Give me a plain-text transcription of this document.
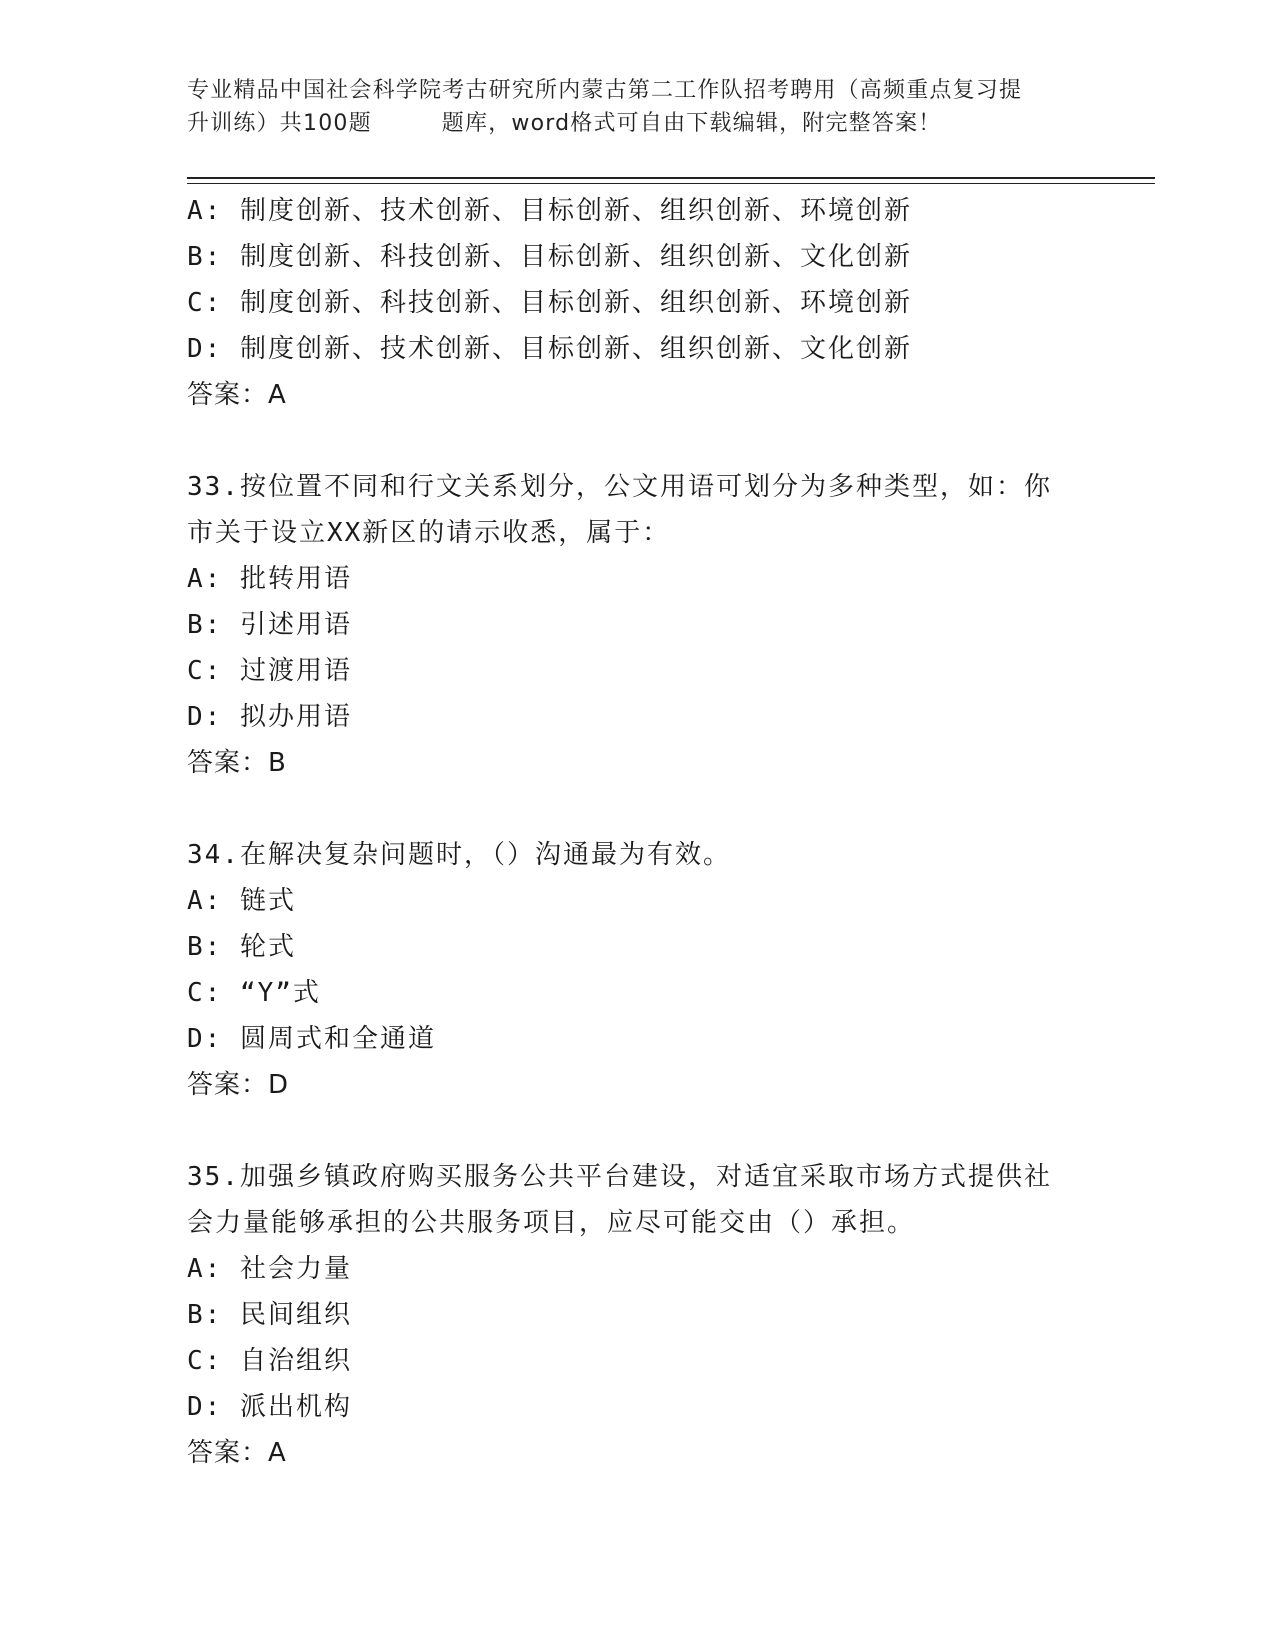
专业精品中国社会科学院考古研究所内蒙古第二工作队招考聘用（高频重点复习提
升训练）共100题	题库，word格式可自由下载编辑，附完整答案！
A: 制度创新、技术创新、目标创新、组织创新、环境创新
B: 制度创新、科技创新、目标创新、组织创新、文化创新
C: 制度创新、科技创新、目标创新、组织创新、环境创新
D: 制度创新、技术创新、目标创新、组织创新、文化创新
答案：A
33.按位置不同和行文关系划分，公文用语可划分为多种类型，如：你
市关于设立XX新区的请示收悉，属于：
A: 批转用语
B: 引述用语
C: 过渡用语
D: 拟办用语
答案：B
34.在解决复杂问题时，（）沟通最为有效。
A: 链式
B: 轮式
C: “Y”式
D: 圆周式和全通道
答案：D
35.加强乡镇政府购买服务公共平台建设，对适宜采取市场方式提供社
会力量能够承担的公共服务项目，应尽可能交由（）承担。
A: 社会力量
B: 民间组织
C: 自治组织
D: 派出机构
答案：A
